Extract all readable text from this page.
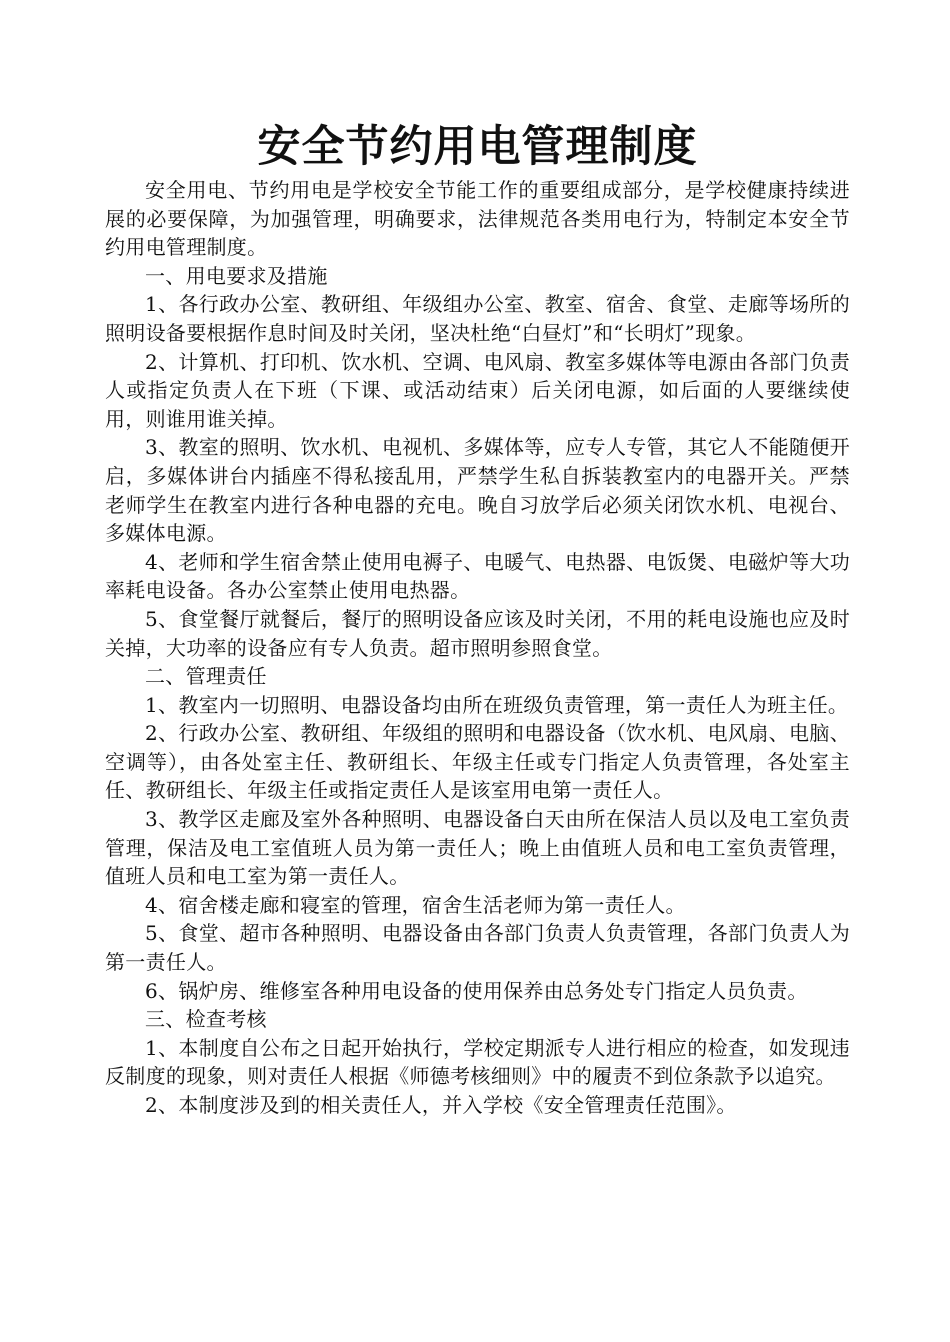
安全节约用电管理制度

安全用电、节约用电是学校安全节能工作的重要组成部分，是学校健康持续进展的必要保障，为加强管理，明确要求，法律规范各类用电行为，特制定本安全节约用电管理制度。

一、用电要求及措施

1、各行政办公室、教研组、年级组办公室、教室、宿舍、食堂、走廊等场所的照明设备要根据作息时间及时关闭，坚决杜绝“白昼灯”和“长明灯”现象。

2、计算机、打印机、饮水机、空调、电风扇、教室多媒体等电源由各部门负责人或指定负责人在下班（下课、或活动结束）后关闭电源，如后面的人要继续使用，则谁用谁关掉。

3、教室的照明、饮水机、电视机、多媒体等，应专人专管，其它人不能随便开启，多媒体讲台内插座不得私接乱用，严禁学生私自拆装教室内的电器开关。严禁老师学生在教室内进行各种电器的充电。晚自习放学后必须关闭饮水机、电视台、多媒体电源。

4、老师和学生宿舍禁止使用电褥子、电暖气、电热器、电饭煲、电磁炉等大功率耗电设备。各办公室禁止使用电热器。

5、食堂餐厅就餐后，餐厅的照明设备应该及时关闭，不用的耗电设施也应及时关掉，大功率的设备应有专人负责。超市照明参照食堂。

二、管理责任

1、教室内一切照明、电器设备均由所在班级负责管理，第一责任人为班主任。

2、行政办公室、教研组、年级组的照明和电器设备（饮水机、电风扇、电脑、空调等），由各处室主任、教研组长、年级主任或专门指定人负责管理，各处室主任、教研组长、年级主任或指定责任人是该室用电第一责任人。

3、教学区走廊及室外各种照明、电器设备白天由所在保洁人员以及电工室负责管理，保洁及电工室值班人员为第一责任人；晚上由值班人员和电工室负责管理，值班人员和电工室为第一责任人。

4、宿舍楼走廊和寝室的管理，宿舍生活老师为第一责任人。

5、食堂、超市各种照明、电器设备由各部门负责人负责管理，各部门负责人为第一责任人。

6、锅炉房、维修室各种用电设备的使用保养由总务处专门指定人员负责。

三、检查考核

1、本制度自公布之日起开始执行，学校定期派专人进行相应的检查，如发现违反制度的现象，则对责任人根据《师德考核细则》中的履责不到位条款予以追究。

2、本制度涉及到的相关责任人，并入学校《安全管理责任范围》。
